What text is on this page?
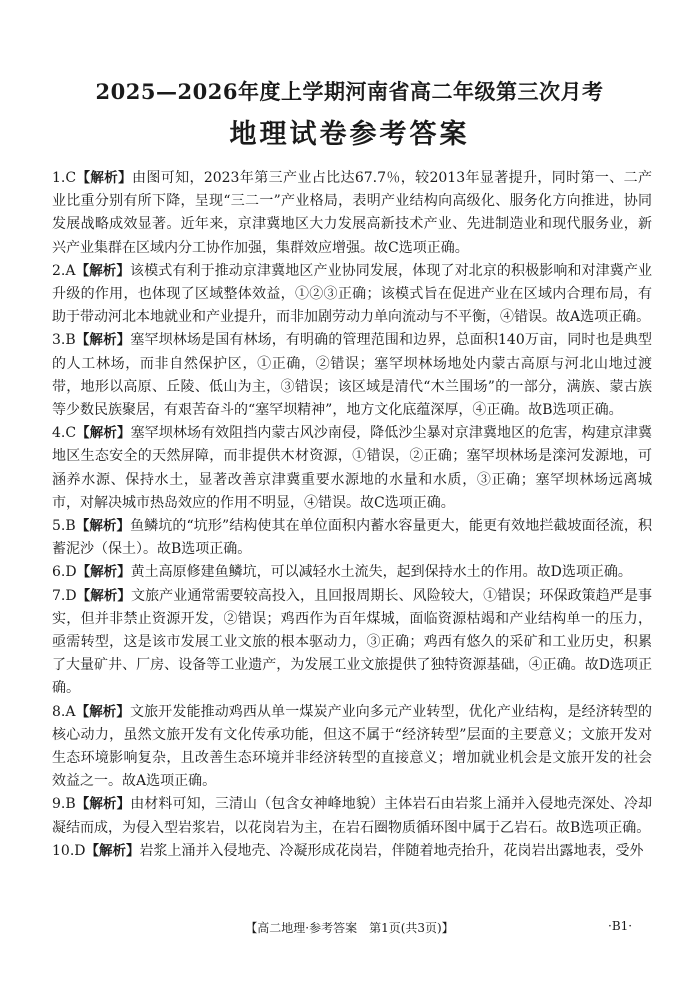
2025—2026年度上学期河南省高二年级第三次月考
地理试卷参考答案
1.C【解析】由图可知，2023年第三产业占比达67.7％，较2013年显著提升，同时第一、二产业比重分别有所下降，呈现“三二一”产业格局，表明产业结构向高级化、服务化方向推进，协同发展战略成效显著。近年来，京津冀地区大力发展高新技术产业、先进制造业和现代服务业，新兴产业集群在区域内分工协作加强，集群效应增强。故C选项正确。
2.A【解析】该模式有利于推动京津冀地区产业协同发展，体现了对北京的积极影响和对津冀产业升级的作用，也体现了区域整体效益，①②③正确；该模式旨在促进产业在区域内合理布局，有助于带动河北本地就业和产业提升，而非加剧劳动力单向流动与不平衡，④错误。故A选项正确。
3.B【解析】塞罕坝林场是国有林场，有明确的管理范围和边界，总面积140万亩，同时也是典型的人工林场，而非自然保护区，①正确，②错误；塞罕坝林场地处内蒙古高原与河北山地过渡带，地形以高原、丘陵、低山为主，③错误；该区域是清代“木兰围场”的一部分，满族、蒙古族等少数民族聚居，有艰苦奋斗的“塞罕坝精神”，地方文化底蕴深厚，④正确。故B选项正确。
4.C【解析】塞罕坝林场有效阻挡内蒙古风沙南侵，降低沙尘暴对京津冀地区的危害，构建京津冀地区生态安全的天然屏障，而非提供木材资源，①错误，②正确；塞罕坝林场是滦河发源地，可涵养水源、保持水土，显著改善京津冀重要水源地的水量和水质，③正确；塞罕坝林场远离城市，对解决城市热岛效应的作用不明显，④错误。故C选项正确。
5.B【解析】鱼鳞坑的“坑形”结构使其在单位面积内蓄水容量更大，能更有效地拦截坡面径流，积蓄泥沙（保土）。故B选项正确。
6.D【解析】黄土高原修建鱼鳞坑，可以减轻水土流失，起到保持水土的作用。故D选项正确。
7.D【解析】文旅产业通常需要较高投入，且回报周期长、风险较大，①错误；环保政策趋严是事实，但并非禁止资源开发，②错误；鸡西作为百年煤城，面临资源枯竭和产业结构单一的压力，亟需转型，这是该市发展工业文旅的根本驱动力，③正确；鸡西有悠久的采矿和工业历史，积累了大量矿井、厂房、设备等工业遗产，为发展工业文旅提供了独特资源基础，④正确。故D选项正确。
8.A【解析】文旅开发能推动鸡西从单一煤炭产业向多元产业转型，优化产业结构，是经济转型的核心动力，虽然文旅开发有文化传承功能，但这不属于“经济转型”层面的主要意义；文旅开发对生态环境影响复杂，且改善生态环境并非经济转型的直接意义；增加就业机会是文旅开发的社会效益之一。故A选项正确。
9.B【解析】由材料可知，三清山（包含女神峰地貌）主体岩石由岩浆上涌并入侵地壳深处、冷却凝结而成，为侵入型岩浆岩，以花岗岩为主，在岩石圈物质循环图中属于乙岩石。故B选项正确。
10.D【解析】岩浆上涌并入侵地壳、冷凝形成花岗岩，伴随着地壳抬升，花岗岩出露地表，受外
【高二地理·参考答案　第1页(共3页)】	·B1·
